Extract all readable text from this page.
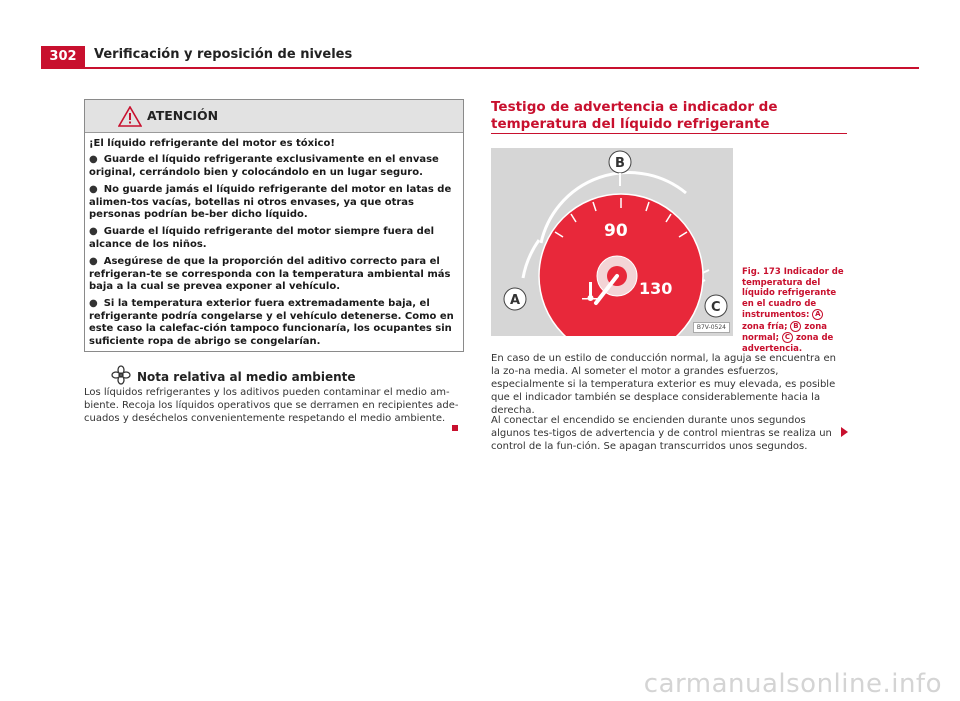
302	Verificación y reposición de niveles
ATENCIÓN

¡El líquido refrigerante del motor es tóxico!

● Guarde el líquido refrigerante exclusivamente en el envase original, cerrándolo bien y colocándolo en un lugar seguro.

● No guarde jamás el líquido refrigerante del motor en latas de alimen-tos vacías, botellas ni otros envases, ya que otras personas podrían be-ber dicho líquido.

● Guarde el líquido refrigerante del motor siempre fuera del alcance de los niños.

● Asegúrese de que la proporción del aditivo correcto para el refrigeran-te se corresponda con la temperatura ambiental más baja a la cual se prevea exponer al vehículo.

● Si la temperatura exterior fuera extremadamente baja, el refrigerante podría congelarse y el vehículo detenerse. Como en este caso la calefac-ción tampoco funcionaría, los ocupantes sin suficiente ropa de abrigo se congelarían.

Nota relativa al medio ambiente

Los líquidos refrigerantes y los aditivos pueden contaminar el medio am-biente. Recoja los líquidos operativos que se derramen en recipientes ade-cuados y deséchelos convenientemente respetando el medio ambiente.

Testigo de advertencia e indicador de temperatura del líquido refrigerante
90
130
B
A	C
B7V-0524

Fig. 173 Indicador de temperatura del líquido refrigerante en el cuadro de instrumentos: A zona fría; B zona normal; C zona de advertencia.

En caso de un estilo de conducción normal, la aguja se encuentra en la zo-na media. Al someter el motor a grandes esfuerzos, especialmente si la temperatura exterior es muy elevada, es posible que el indicador también se desplace considerablemente hacia la derecha.

Al conectar el encendido se encienden durante unos segundos algunos tes-tigos de advertencia y de control mientras se realiza un control de la fun-ción. Se apagan transcurridos unos segundos.

carmanualsonline.info
